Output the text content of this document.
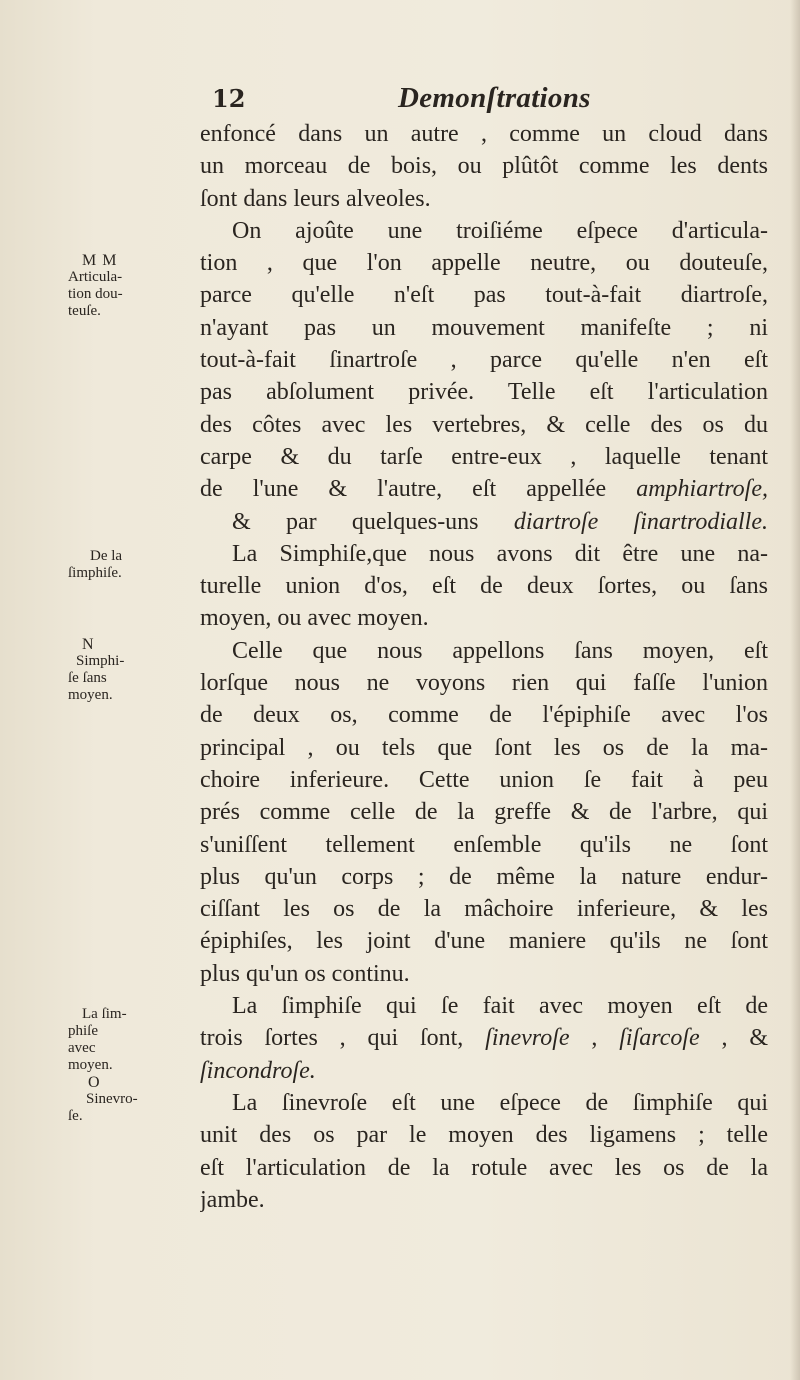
12	Demonſtrations
M M
Articula-
tion dou-
teuſe.
De la
ſimphiſe.
N
Simphi-
ſe ſans
moyen.
La ſim-
phiſe
avec
moyen.
O
Sinevro-
ſe.
enfoncé dans un autre , comme un cloud dans
un morceau de bois, ou plûtôt comme les dents
ſont dans leurs alveoles.
On ajoûte une troiſiéme eſpece d'articula-
tion , que l'on appelle neutre, ou douteuſe,
parce qu'elle n'eſt pas tout-à-fait diartroſe,
n'ayant pas un mouvement manifeſte ; ni
tout-à-fait ſinartroſe , parce qu'elle n'en eſt
pas abſolument privée. Telle eſt l'articulation
des côtes avec les vertebres, & celle des os du
carpe & du tarſe entre-eux , laquelle tenant
de l'une & l'autre, eſt appellée amphiartroſe,
& par quelques-uns diartroſe ſinartrodialle.
La Simphiſe,que nous avons dit être une na-
turelle union d'os, eſt de deux ſortes, ou ſans
moyen, ou avec moyen.
Celle que nous appellons ſans moyen, eſt
lorſque nous ne voyons rien qui faſſe l'union
de deux os, comme de l'épiphiſe avec l'os
principal , ou tels que ſont les os de la ma-
choire inferieure. Cette union ſe fait à peu
prés comme celle de la greffe & de l'arbre, qui
s'uniſſent tellement enſemble qu'ils ne ſont
plus qu'un corps ; de même la nature endur-
ciſſant les os de la mâchoire inferieure, & les
épiphiſes, les joint d'une maniere qu'ils ne ſont
plus qu'un os continu.
La ſimphiſe qui ſe fait avec moyen eſt de
trois ſortes , qui ſont, ſinevroſe , ſiſarcoſe , &
ſincondroſe.
La ſinevroſe eſt une eſpece de ſimphiſe qui
unit des os par le moyen des ligamens ; telle
eſt l'articulation de la rotule avec les os de la
jambe.
